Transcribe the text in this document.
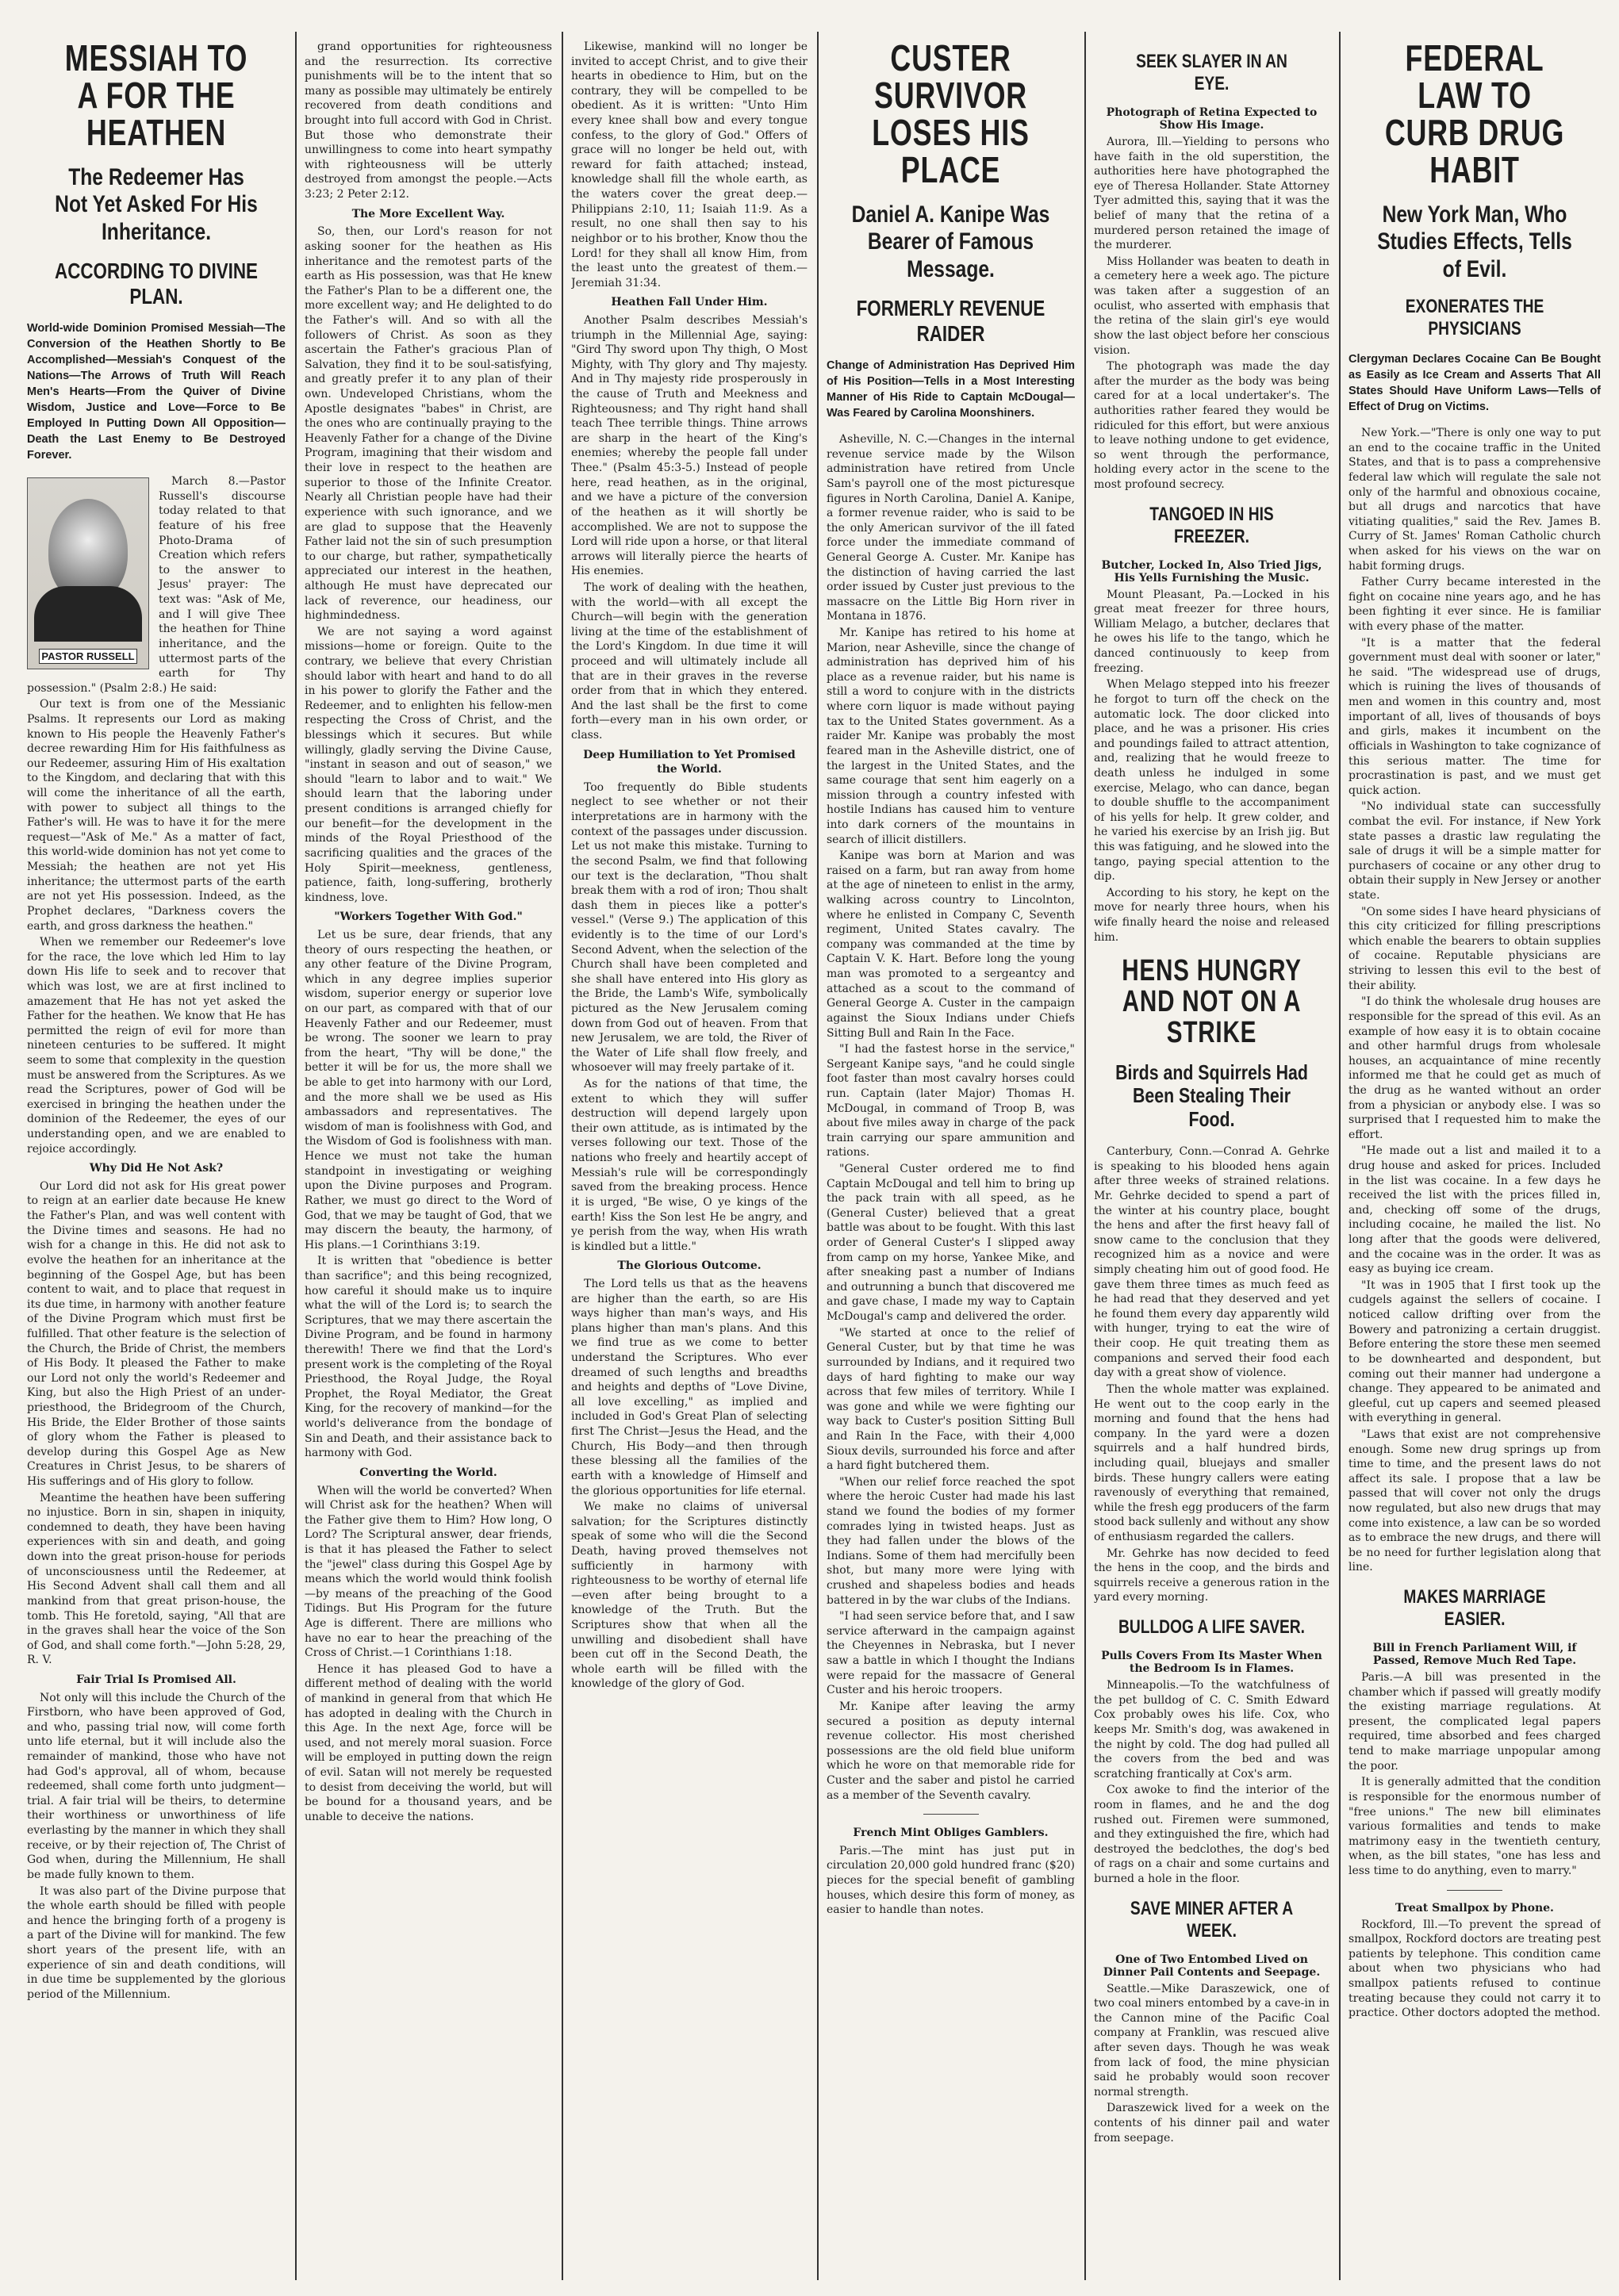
MESSIAH TO A FOR THE HEATHEN
The Redeemer Has Not Yet Asked For His Inheritance.
ACCORDING TO DIVINE PLAN.
World-wide Dominion Promised Messiah—The Conversion of the Heathen Shortly to Be Accomplished—Messiah's Conquest of the Nations—The Arrows of Truth Will Reach Men's Hearts—From the Quiver of Divine Wisdom, Justice and Love—Force to Be Employed In Putting Down All Opposition—Death the Last Enemy to Be Destroyed Forever.
PASTOR RUSSELL

March 8.—Pastor Russell's discourse today related to that feature of his free Photo-Drama of Creation which refers to the answer to Jesus' prayer: The text was: "Ask of Me, and I will give Thee the heathen for Thine inheritance, and the uttermost parts of the earth for Thy possession." (Psalm 2:8.) He said:

Our text is from one of the Messianic Psalms. It represents our Lord as making known to His people the Heavenly Father's decree rewarding Him for His faithfulness as our Redeemer, assuring Him of His exaltation to the Kingdom, and declaring that with this will come the inheritance of all the earth, with power to subject all things to the Father's will. He was to have it for the mere request—"Ask of Me." As a matter of fact, this world-wide dominion has not yet come to Messiah; the heathen are not yet His inheritance; the uttermost parts of the earth are not yet His possession. Indeed, as the Prophet declares, "Darkness covers the earth, and gross darkness the heathen."

When we remember our Redeemer's love for the race, the love which led Him to lay down His life to seek and to recover that which was lost, we are at first inclined to amazement that He has not yet asked the Father for the heathen. We know that He has permitted the reign of evil for more than nineteen centuries to be suffered. It might seem to some that complexity in the question must be answered from the Scriptures. As we read the Scriptures, power of God will be exercised in bringing the heathen under the dominion of the Redeemer, the eyes of our understanding open, and we are enabled to rejoice accordingly.

Why Did He Not Ask?

Our Lord did not ask for His great power to reign at an earlier date because He knew the Father's Plan, and was well content with the Divine times and seasons. He had no wish for a change in this. He did not ask to evolve the heathen for an inheritance at the beginning of the Gospel Age, but has been content to wait, and to place that request in its due time, in harmony with another feature of the Divine Program which must first be fulfilled. That other feature is the selection of the Church, the Bride of Christ, the members of His Body. It pleased the Father to make our Lord not only the world's Redeemer and King, but also the High Priest of an under-priesthood, the Bridegroom of the Church, His Bride, the Elder Brother of those saints of glory whom the Father is pleased to develop during this Gospel Age as New Creatures in Christ Jesus, to be sharers of His sufferings and of His glory to follow.

Meantime the heathen have been suffering no injustice. Born in sin, shapen in iniquity, condemned to death, they have been having experiences with sin and death, and going down into the great prison-house for periods of unconsciousness until the Redeemer, at His Second Advent shall call them and all mankind from that great prison-house, the tomb. This He foretold, saying, "All that are in the graves shall hear the voice of the Son of God, and shall come forth."—John 5:28, 29, R. V.

Fair Trial Is Promised All.

Not only will this include the Church of the Firstborn, who have been approved of God, and who, passing trial now, will come forth unto life eternal, but it will include also the remainder of mankind, those who have not had God's approval, all of whom, because redeemed, shall come forth unto judgment—trial. A fair trial will be theirs, to determine their worthiness or unworthiness of life everlasting by the manner in which they shall receive, or by their rejection of, The Christ of God when, during the Millennium, He shall be made fully known to them.

It was also part of the Divine purpose that the whole earth should be filled with people and hence the bringing forth of a progeny is a part of the Divine will for mankind. The few short years of the present life, with an experience of sin and death conditions, will in due time be supplemented by the glorious period of the Millennium.

grand opportunities for righteousness and the resurrection. Its corrective punishments will be to the intent that so many as possible may ultimately be entirely recovered from death conditions and brought into full accord with God in Christ. But those who demonstrate their unwillingness to come into heart sympathy with righteousness will be utterly destroyed from amongst the people.—Acts 3:23; 2 Peter 2:12.

The More Excellent Way.

So, then, our Lord's reason for not asking sooner for the heathen as His inheritance and the remotest parts of the earth as His possession, was that He knew the Father's Plan to be a different one, the more excellent way; and He delighted to do the Father's will. And so with all the followers of Christ. As soon as they ascertain the Father's gracious Plan of Salvation, they find it to be soul-satisfying, and greatly prefer it to any plan of their own. Undeveloped Christians, whom the Apostle designates "babes" in Christ, are the ones who are continually praying to the Heavenly Father for a change of the Divine Program, imagining that their wisdom and their love in respect to the heathen are superior to those of the Infinite Creator. Nearly all Christian people have had their experience with such ignorance, and we are glad to suppose that the Heavenly Father laid not the sin of such presumption to our charge, but rather, sympathetically appreciated our interest in the heathen, although He must have deprecated our lack of reverence, our headiness, our highmindedness.

We are not saying a word against missions—home or foreign. Quite to the contrary, we believe that every Christian should labor with heart and hand to do all in his power to glorify the Father and the Redeemer, and to enlighten his fellow-men respecting the Cross of Christ, and the blessings which it secures. But while willingly, gladly serving the Divine Cause, "instant in season and out of season," we should "learn to labor and to wait." We should learn that the laboring under present conditions is arranged chiefly for our benefit—for the development in the minds of the Royal Priesthood of the sacrificing qualities and the graces of the Holy Spirit—meekness, gentleness, patience, faith, long-suffering, brotherly kindness, love.

"Workers Together With God."

Let us be sure, dear friends, that any theory of ours respecting the heathen, or any other feature of the Divine Program, which in any degree implies superior wisdom, superior energy or superior love on our part, as compared with that of our Heavenly Father and our Redeemer, must be wrong. The sooner we learn to pray from the heart, "Thy will be done," the better it will be for us, the more shall we be able to get into harmony with our Lord, and the more shall we be used as His ambassadors and representatives. The wisdom of man is foolishness with God, and the Wisdom of God is foolishness with man. Hence we must not take the human standpoint in investigating or weighing upon the Divine purposes and Program. Rather, we must go direct to the Word of God, that we may be taught of God, that we may discern the beauty, the harmony, of His plans.—1 Corinthians 3:19.

It is written that "obedience is better than sacrifice"; and this being recognized, how careful it should make us to inquire what the will of the Lord is; to search the Scriptures, that we may there ascertain the Divine Program, and be found in harmony therewith! There we find that the Lord's present work is the completing of the Royal Priesthood, the Royal Judge, the Royal Prophet, the Royal Mediator, the Great King, for the recovery of mankind—for the world's deliverance from the bondage of Sin and Death, and their assistance back to harmony with God.

Converting the World.

When will the world be converted? When will Christ ask for the heathen? When will the Father give them to Him? How long, O Lord? The Scriptural answer, dear friends, is that it has pleased the Father to select the "jewel" class during this Gospel Age by means which the world would think foolish—by means of the preaching of the Good Tidings. But His Program for the future Age is different. There are millions who have no ear to hear the preaching of the Cross of Christ.—1 Corinthians 1:18.

Hence it has pleased God to have a different method of dealing with the world of mankind in general from that which He has adopted in dealing with the Church in this Age. In the next Age, force will be used, and not merely moral suasion. Force will be employed in putting down the reign of evil. Satan will not merely be requested to desist from deceiving the world, but will be bound for a thousand years, and be unable to deceive the nations.

Likewise, mankind will no longer be invited to accept Christ, and to give their hearts in obedience to Him, but on the contrary, they will be compelled to be obedient. As it is written: "Unto Him every knee shall bow and every tongue confess, to the glory of God." Offers of grace will no longer be held out, with reward for faith attached; instead, knowledge shall fill the whole earth, as the waters cover the great deep.—Philippians 2:10, 11; Isaiah 11:9. As a result, no one shall then say to his neighbor or to his brother, Know thou the Lord! for they shall all know Him, from the least unto the greatest of them.—Jeremiah 31:34.

Heathen Fall Under Him.

Another Psalm describes Messiah's triumph in the Millennial Age, saying: "Gird Thy sword upon Thy thigh, O Most Mighty, with Thy glory and Thy majesty. And in Thy majesty ride prosperously in the cause of Truth and Meekness and Righteousness; and Thy right hand shall teach Thee terrible things. Thine arrows are sharp in the heart of the King's enemies; whereby the people fall under Thee." (Psalm 45:3-5.) Instead of people here, read heathen, as in the original, and we have a picture of the conversion of the heathen as it will shortly be accomplished. We are not to suppose the Lord will ride upon a horse, or that literal arrows will literally pierce the hearts of His enemies.

The work of dealing with the heathen, with the world—with all except the Church—will begin with the generation living at the time of the establishment of the Lord's Kingdom. In due time it will proceed and will ultimately include all that are in their graves in the reverse order from that in which they entered. And the last shall be the first to come forth—every man in his own order, or class.

Deep Humiliation to Yet Promised the World.

Too frequently do Bible students neglect to see whether or not their interpretations are in harmony with the context of the passages under discussion. Let us not make this mistake. Turning to the second Psalm, we find that following our text is the declaration, "Thou shalt break them with a rod of iron; Thou shalt dash them in pieces like a potter's vessel." (Verse 9.) The application of this evidently is to the time of our Lord's Second Advent, when the selection of the Church shall have been completed and she shall have entered into His glory as the Bride, the Lamb's Wife, symbolically pictured as the New Jerusalem coming down from God out of heaven. From that new Jerusalem, we are told, the River of the Water of Life shall flow freely, and whosoever will may freely partake of it.

As for the nations of that time, the extent to which they will suffer destruction will depend largely upon their own attitude, as is intimated by the verses following our text. Those of the nations who freely and heartily accept of Messiah's rule will be correspondingly saved from the breaking process. Hence it is urged, "Be wise, O ye kings of the earth! Kiss the Son lest He be angry, and ye perish from the way, when His wrath is kindled but a little."

The Glorious Outcome.

The Lord tells us that as the heavens are higher than the earth, so are His ways higher than man's ways, and His plans higher than man's plans. And this we find true as we come to better understand the Scriptures. Who ever dreamed of such lengths and breadths and heights and depths of "Love Divine, all love excelling," as implied and included in God's Great Plan of selecting first The Christ—Jesus the Head, and the Church, His Body—and then through these blessing all the families of the earth with a knowledge of Himself and the glorious opportunities for life eternal.

We make no claims of universal salvation; for the Scriptures distinctly speak of some who will die the Second Death, having proved themselves not sufficiently in harmony with righteousness to be worthy of eternal life—even after being brought to a knowledge of the Truth. But the Scriptures show that when all the unwilling and disobedient shall have been cut off in the Second Death, the whole earth will be filled with the knowledge of the glory of God.

CUSTER SURVIVOR LOSES HIS PLACE
Daniel A. Kanipe Was Bearer of Famous Message.
FORMERLY REVENUE RAIDER
Change of Administration Has Deprived Him of His Position—Tells in a Most Interesting Manner of His Ride to Captain McDougal—Was Feared by Carolina Moonshiners.

Asheville, N. C.—Changes in the internal revenue service made by the Wilson administration have retired from Uncle Sam's payroll one of the most picturesque figures in North Carolina, Daniel A. Kanipe, a former revenue raider, who is said to be the only American survivor of the ill fated force under the immediate command of General George A. Custer. Mr. Kanipe has the distinction of having carried the last order issued by Custer just previous to the massacre on the Little Big Horn river in Montana in 1876.

Mr. Kanipe has retired to his home at Marion, near Asheville, since the change of administration has deprived him of his place as a revenue raider, but his name is still a word to conjure with in the districts where corn liquor is made without paying tax to the United States government. As a raider Mr. Kanipe was probably the most feared man in the Asheville district, one of the largest in the United States, and the same courage that sent him eagerly on a mission through a country infested with hostile Indians has caused him to venture into dark corners of the mountains in search of illicit distillers.

Kanipe was born at Marion and was raised on a farm, but ran away from home at the age of nineteen to enlist in the army, walking across country to Lincolnton, where he enlisted in Company C, Seventh regiment, United States cavalry. The company was commanded at the time by Captain V. K. Hart. Before long the young man was promoted to a sergeantcy and attached as a scout to the command of General George A. Custer in the campaign against the Sioux Indians under Chiefs Sitting Bull and Rain In the Face.

"I had the fastest horse in the service," Sergeant Kanipe says, "and he could single foot faster than most cavalry horses could run. Captain (later Major) Thomas H. McDougal, in command of Troop B, was about five miles away in charge of the pack train carrying our spare ammunition and rations.

"General Custer ordered me to find Captain McDougal and tell him to bring up the pack train with all speed, as he (General Custer) believed that a great battle was about to be fought. With this last order of General Custer's I slipped away from camp on my horse, Yankee Mike, and after sneaking past a number of Indians and outrunning a bunch that discovered me and gave chase, I made my way to Captain McDougal's camp and delivered the order.

"We started at once to the relief of General Custer, but by that time he was surrounded by Indians, and it required two days of hard fighting to make our way across that few miles of territory. While I was gone and while we were fighting our way back to Custer's position Sitting Bull and Rain In the Face, with their 4,000 Sioux devils, surrounded his force and after a hard fight butchered them.

"When our relief force reached the spot where the heroic Custer had made his last stand we found the bodies of my former comrades lying in twisted heaps. Just as they had fallen under the blows of the Indians. Some of them had mercifully been shot, but many more were lying with crushed and shapeless bodies and heads battered in by the war clubs of the Indians.

"I had seen service before that, and I saw service afterward in the campaign against the Cheyennes in Nebraska, but I never saw a battle in which I thought the Indians were repaid for the massacre of General Custer and his heroic troopers.

Mr. Kanipe after leaving the army secured a position as deputy internal revenue collector. His most cherished possessions are the old field blue uniform which he wore on that memorable ride for Custer and the saber and pistol he carried as a member of the Seventh cavalry.

French Mint Obliges Gamblers.

Paris.—The mint has just put in circulation 20,000 gold hundred franc ($20) pieces for the special benefit of gambling houses, which desire this form of money, as easier to handle than notes.

SEEK SLAYER IN AN EYE.
Photograph of Retina Expected to Show His Image.

Aurora, Ill.—Yielding to persons who have faith in the old superstition, the authorities here have photographed the eye of Theresa Hollander. State Attorney Tyer admitted this, saying that it was the belief of many that the retina of a murdered person retained the image of the murderer.

Miss Hollander was beaten to death in a cemetery here a week ago. The picture was taken after a suggestion of an oculist, who asserted with emphasis that the retina of the slain girl's eye would show the last object before her conscious vision.

The photograph was made the day after the murder as the body was being cared for at a local undertaker's. The authorities rather feared they would be ridiculed for this effort, but were anxious to leave nothing undone to get evidence, so went through the performance, holding every actor in the scene to the most profound secrecy.

TANGOED IN HIS FREEZER.
Butcher, Locked In, Also Tried Jigs, His Yells Furnishing the Music.

Mount Pleasant, Pa.—Locked in his great meat freezer for three hours, William Melago, a butcher, declares that he owes his life to the tango, which he danced continuously to keep from freezing.

When Melago stepped into his freezer he forgot to turn off the check on the automatic lock. The door clicked into place, and he was a prisoner. His cries and poundings failed to attract attention, and, realizing that he would freeze to death unless he indulged in some exercise, Melago, who can dance, began to double shuffle to the accompaniment of his yells for help. It grew colder, and he varied his exercise by an Irish jig. But this was fatiguing, and he slowed into the tango, paying special attention to the dip.

According to his story, he kept on the move for nearly three hours, when his wife finally heard the noise and released him.

HENS HUNGRY AND NOT ON A STRIKE
Birds and Squirrels Had Been Stealing Their Food.

Canterbury, Conn.—Conrad A. Gehrke is speaking to his blooded hens again after three weeks of strained relations. Mr. Gehrke decided to spend a part of the winter at his country place, bought the hens and after the first heavy fall of snow came to the conclusion that they recognized him as a novice and were simply cheating him out of good food. He gave them three times as much feed as he had read that they deserved and yet he found them every day apparently wild with hunger, trying to eat the wire of their coop. He quit treating them as companions and served their food each day with a great show of violence.

Then the whole matter was explained. He went out to the coop early in the morning and found that the hens had company. In the yard were a dozen squirrels and a half hundred birds, including quail, bluejays and smaller birds. These hungry callers were eating ravenously of everything that remained, while the fresh egg producers of the farm stood back sullenly and without any show of enthusiasm regarded the callers.

Mr. Gehrke has now decided to feed the hens in the coop, and the birds and squirrels receive a generous ration in the yard every morning.

BULLDOG A LIFE SAVER.
Pulls Covers From Its Master When the Bedroom Is in Flames.

Minneapolis.—To the watchfulness of the pet bulldog of C. C. Smith Edward Cox probably owes his life. Cox, who keeps Mr. Smith's dog, was awakened in the night by cold. The dog had pulled all the covers from the bed and was scratching frantically at Cox's arm.

Cox awoke to find the interior of the room in flames, and he and the dog rushed out. Firemen were summoned, and they extinguished the fire, which had destroyed the bedclothes, the dog's bed of rags on a chair and some curtains and burned a hole in the floor.

SAVE MINER AFTER A WEEK.
One of Two Entombed Lived on Dinner Pail Contents and Seepage.

Seattle.—Mike Daraszewick, one of two coal miners entombed by a cave-in in the Cannon mine of the Pacific Coal company at Franklin, was rescued alive after seven days. Though he was weak from lack of food, the mine physician said he probably would soon recover normal strength.

Daraszewick lived for a week on the contents of his dinner pail and water from seepage.

FEDERAL LAW TO CURB DRUG HABIT
New York Man, Who Studies Effects, Tells of Evil.
EXONERATES THE PHYSICIANS
Clergyman Declares Cocaine Can Be Bought as Easily as Ice Cream and Asserts That All States Should Have Uniform Laws—Tells of Effect of Drug on Victims.

New York.—"There is only one way to put an end to the cocaine traffic in the United States, and that is to pass a comprehensive federal law which will regulate the sale not only of the harmful and obnoxious cocaine, but all drugs and narcotics that have vitiating qualities," said the Rev. James B. Curry of St. James' Roman Catholic church when asked for his views on the war on habit forming drugs.

Father Curry became interested in the fight on cocaine nine years ago, and he has been fighting it ever since. He is familiar with every phase of the matter.

"It is a matter that the federal government must deal with sooner or later," he said. "The widespread use of drugs, which is ruining the lives of thousands of men and women in this country and, most important of all, lives of thousands of boys and girls, makes it incumbent on the officials in Washington to take cognizance of this serious matter. The time for procrastination is past, and we must get quick action.

"No individual state can successfully combat the evil. For instance, if New York state passes a drastic law regulating the sale of drugs it will be a simple matter for purchasers of cocaine or any other drug to obtain their supply in New Jersey or another state.

"On some sides I have heard physicians of this city criticized for filling prescriptions which enable the bearers to obtain supplies of cocaine. Reputable physicians are striving to lessen this evil to the best of their ability.

"I do think the wholesale drug houses are responsible for the spread of this evil. As an example of how easy it is to obtain cocaine and other harmful drugs from wholesale houses, an acquaintance of mine recently informed me that he could get as much of the drug as he wanted without an order from a physician or anybody else. I was so surprised that I requested him to make the effort.

"He made out a list and mailed it to a drug house and asked for prices. Included in the list was cocaine. In a few days he received the list with the prices filled in, and, checking off some of the drugs, including cocaine, he mailed the list. No long after that the goods were delivered, and the cocaine was in the order. It was as easy as buying ice cream.

"It was in 1905 that I first took up the cudgels against the sellers of cocaine. I noticed callow drifting over from the Bowery and patronizing a certain druggist. Before entering the store these men seemed to be downhearted and despondent, but coming out their manner had undergone a change. They appeared to be animated and gleeful, cut up capers and seemed pleased with everything in general.

"Laws that exist are not comprehensive enough. Some new drug springs up from time to time, and the present laws do not affect its sale. I propose that a law be passed that will cover not only the drugs now regulated, but also new drugs that may come into existence, a law can be so worded as to embrace the new drugs, and there will be no need for further legislation along that line.

MAKES MARRIAGE EASIER.
Bill in French Parliament Will, if Passed, Remove Much Red Tape.

Paris.—A bill was presented in the chamber which if passed will greatly modify the existing marriage regulations. At present, the complicated legal papers required, time absorbed and fees charged tend to make marriage unpopular among the poor.

It is generally admitted that the condition is responsible for the enormous number of "free unions." The new bill eliminates various formalities and tends to make matrimony easy in the twentieth century, when, as the bill states, "one has less and less time to do anything, even to marry."

Treat Smallpox by Phone.

Rockford, Ill.—To prevent the spread of smallpox, Rockford doctors are treating pest patients by telephone. This condition came about when two physicians who had smallpox patients refused to continue treating because they could not carry it to practice. Other doctors adopted the method.
